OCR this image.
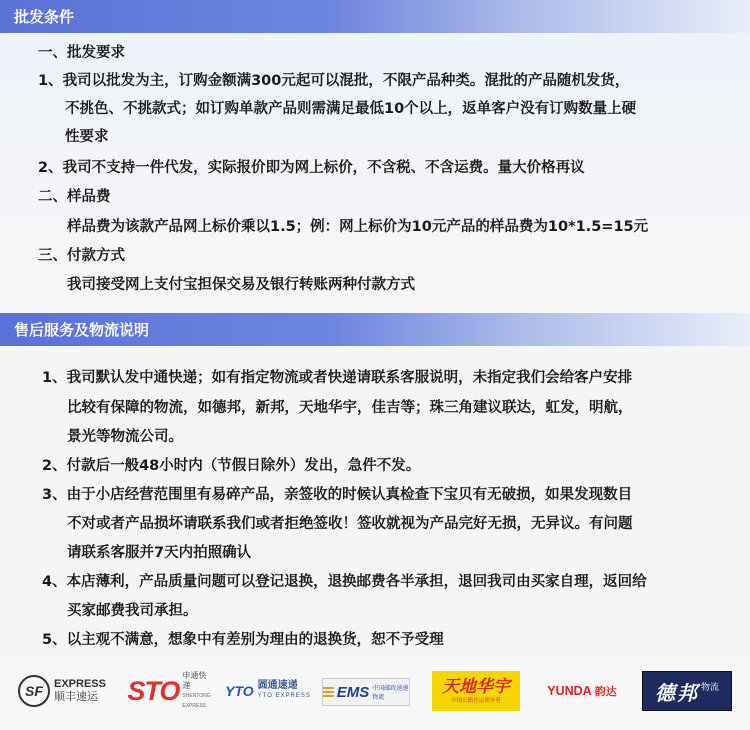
批发条件
一、批发要求
1、我司以批发为主，订购金额满300元起可以混批，不限产品种类。混批的产品随机发货，
不挑色、不挑款式；如订购单款产品则需满足最低10个以上，返单客户没有订购数量上硬
性要求
2、我司不支持一件代发，实际报价即为网上标价，不含税、不含运费。量大价格再议
二、样品费
样品费为该款产品网上标价乘以1.5；例：网上标价为10元产品的样品费为10*1.5=15元
三、付款方式
我司接受网上支付宝担保交易及银行转账两种付款方式
售后服务及物流说明
1、我司默认发中通快递；如有指定物流或者快递请联系客服说明，未指定我们会给客户安排
比较有保障的物流，如德邦，新邦，天地华宇，佳吉等；珠三角建议联达，虹发，明航，
景光等物流公司。
2、付款后一般48小时内（节假日除外）发出，急件不发。
3、由于小店经营范围里有易碎产品，亲签收的时候认真检查下宝贝有无破损，如果发现数目
不对或者产品损坏请联系我们或者拒绝签收！签收就视为产品完好无损，无异议。有问题
请联系客服并7天内拍照确认
4、本店薄利，产品质量问题可以登记退换，退换邮费各半承担，退回我司由买家自理，返回给
买家邮费我司承担。
5、以主观不满意，想象中有差别为理由的退换货，恕不予受理
SF	EXPRESS
顺丰速运 STO 申通快递
SHENTONG EXPRESS
YTO 圆通速递
YTO EXPRESS EMS 中国邮政速递物流
天地华宇
中国公路快运领导者
YUNDA 韵达 德邦 物流
